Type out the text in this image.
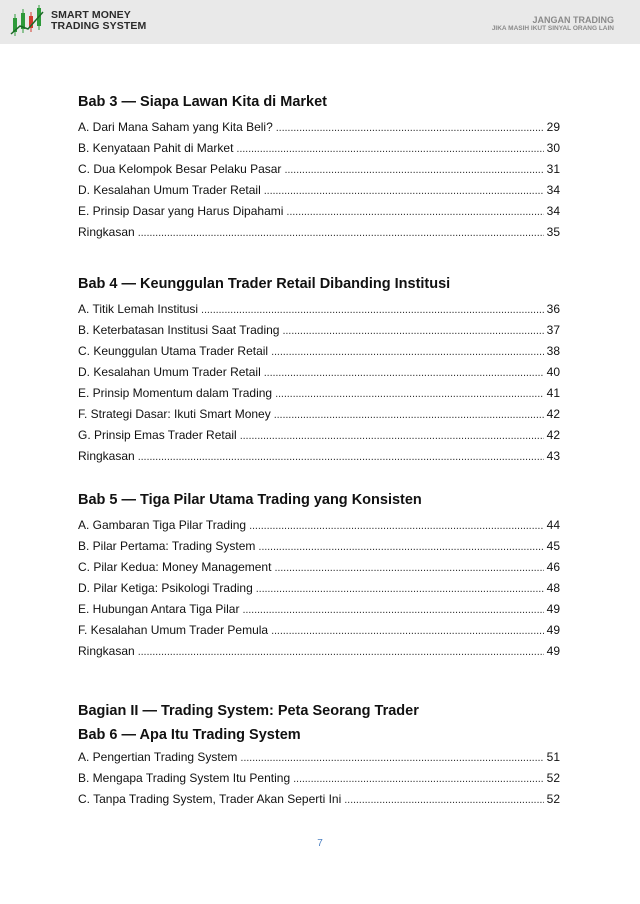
SMART MONEY
TRADING SYSTEM	JANGAN TRADING
JIKA MASIH IKUT SINYAL ORANG LAIN
Bab 3 — Siapa Lawan Kita di Market
A. Dari Mana Saham yang Kita Beli? . . .	29
B. Kenyataan Pahit di Market . . .	30
C. Dua Kelompok Besar Pelaku Pasar . . .	31
D. Kesalahan Umum Trader Retail . . .	34
E. Prinsip Dasar yang Harus Dipahami . . .	34
Ringkasan . . .	35
Bab 4 — Keunggulan Trader Retail Dibanding Institusi
A. Titik Lemah Institusi . . .	36
B. Keterbatasan Institusi Saat Trading . . .	37
C. Keunggulan Utama Trader Retail . . .	38
D. Kesalahan Umum Trader Retail . . .	40
E. Prinsip Momentum dalam Trading . . .	41
F. Strategi Dasar: Ikuti Smart Money . . .	42
G. Prinsip Emas Trader Retail . . .	42
Ringkasan . . .	43
Bab 5 — Tiga Pilar Utama Trading yang Konsisten
A. Gambaran Tiga Pilar Trading . . .	44
B. Pilar Pertama: Trading System . . .	45
C. Pilar Kedua: Money Management . . .	46
D. Pilar Ketiga: Psikologi Trading . . .	48
E. Hubungan Antara Tiga Pilar . . .	49
F. Kesalahan Umum Trader Pemula . . .	49
Ringkasan . . .	49
Bagian II — Trading System: Peta Seorang Trader
Bab 6 — Apa Itu Trading System
A. Pengertian Trading System . . .	51
B. Mengapa Trading System Itu Penting . . .	52
C. Tanpa Trading System, Trader Akan Seperti Ini . . .	52
7
